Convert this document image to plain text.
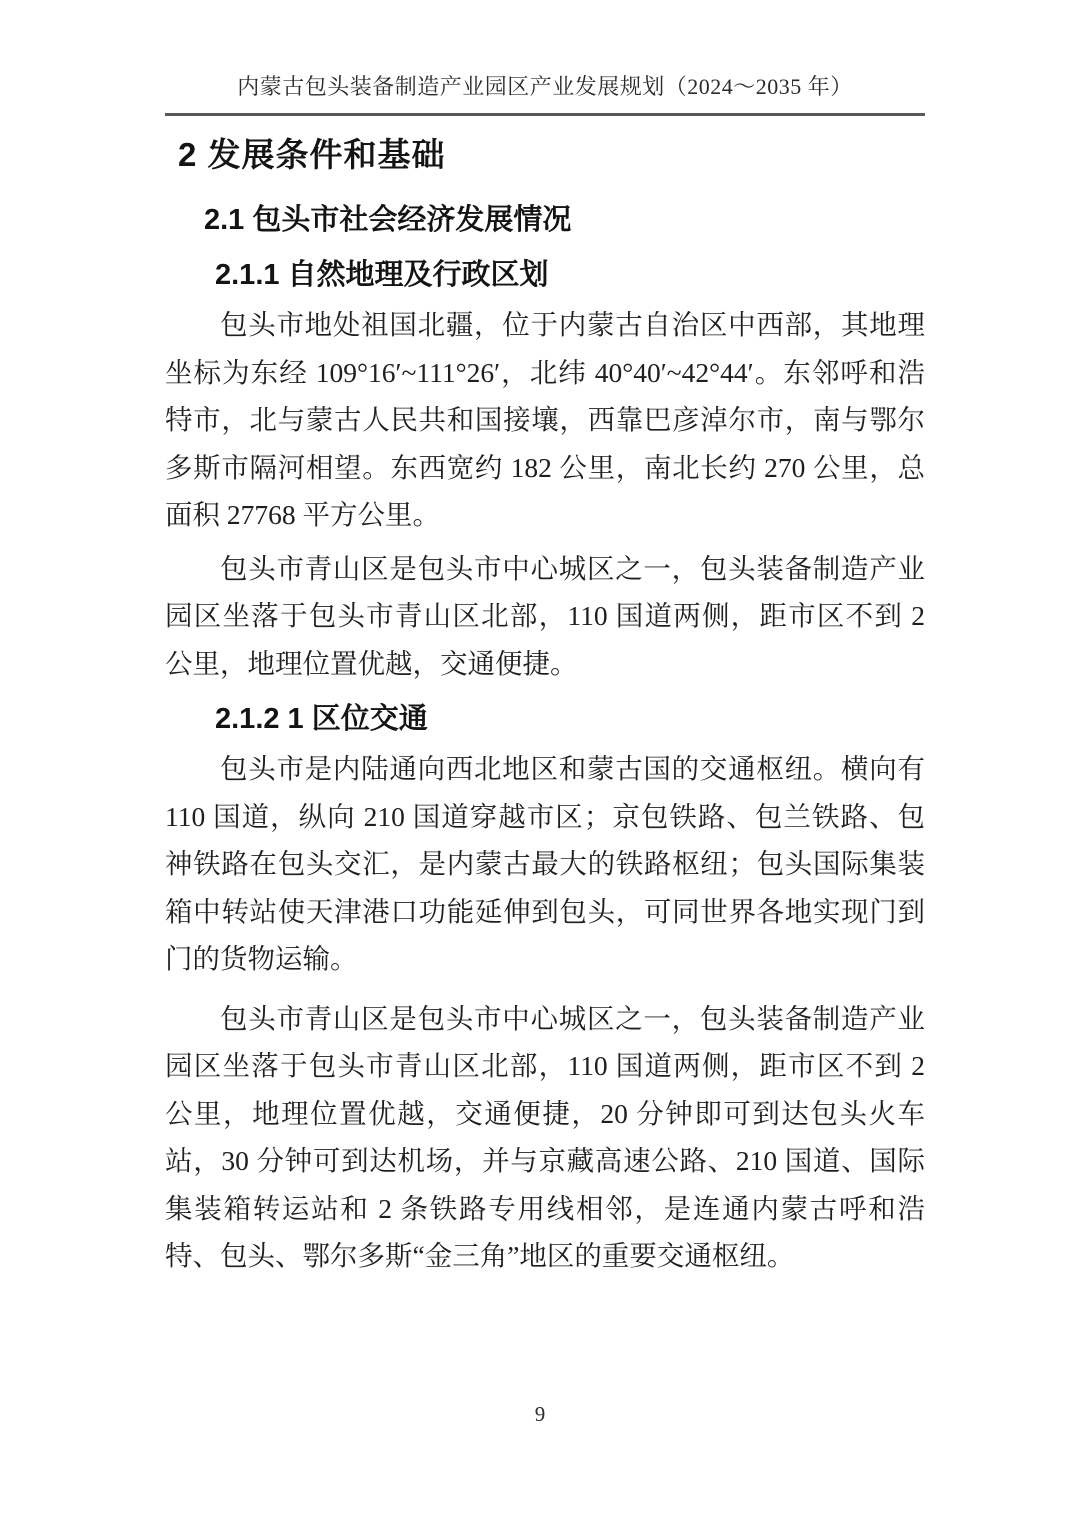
内蒙古包头装备制造产业园区产业发展规划（2024～2035 年）
2 发展条件和基础
2.1 包头市社会经济发展情况
2.1.1 自然地理及行政区划

包头市地处祖国北疆，位于内蒙古自治区中西部，其地理坐标为东经 109°16′~111°26′，北纬 40°40′~42°44′。东邻呼和浩特市，北与蒙古人民共和国接壤，西靠巴彦淖尔市，南与鄂尔多斯市隔河相望。东西宽约 182 公里，南北长约 270 公里，总面积 27768 平方公里。

包头市青山区是包头市中心城区之一，包头装备制造产业园区坐落于包头市青山区北部，110 国道两侧，距市区不到 2 公里，地理位置优越，交通便捷。

2.1.2 1 区位交通

包头市是内陆通向西北地区和蒙古国的交通枢纽。横向有 110 国道，纵向 210 国道穿越市区；京包铁路、包兰铁路、包神铁路在包头交汇，是内蒙古最大的铁路枢纽；包头国际集装箱中转站使天津港口功能延伸到包头，可同世界各地实现门到门的货物运输。

包头市青山区是包头市中心城区之一，包头装备制造产业园区坐落于包头市青山区北部，110 国道两侧，距市区不到 2 公里，地理位置优越，交通便捷，20 分钟即可到达包头火车站，30 分钟可到达机场，并与京藏高速公路、210 国道、国际集装箱转运站和 2 条铁路专用线相邻，是连通内蒙古呼和浩特、包头、鄂尔多斯“金三角”地区的重要交通枢纽。

9
